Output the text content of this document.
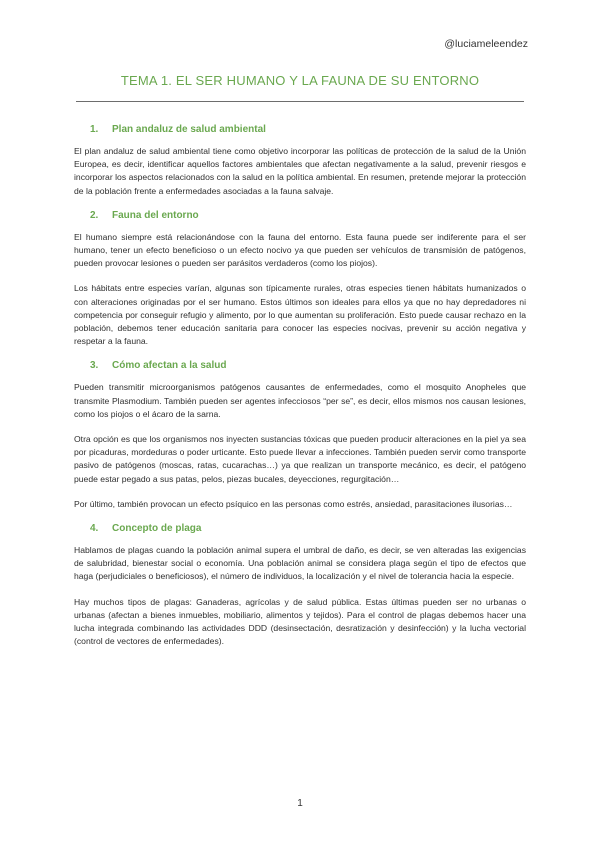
@luciameleendez
TEMA 1. EL SER HUMANO Y LA FAUNA DE SU ENTORNO
1. Plan andaluz de salud ambiental

El plan andaluz de salud ambiental tiene como objetivo incorporar las políticas de protección de la salud de la Unión Europea, es decir, identificar aquellos factores ambientales que afectan negativamente a la salud, prevenir riesgos e incorporar los aspectos relacionados con la salud en la política ambiental. En resumen, pretende mejorar la protección de la población frente a enfermedades asociadas a la fauna salvaje.

2. Fauna del entorno

El humano siempre está relacionándose con la fauna del entorno. Esta fauna puede ser indiferente para el ser humano, tener un efecto beneficioso o un efecto nocivo ya que pueden ser vehículos de transmisión de patógenos, pueden provocar lesiones o pueden ser parásitos verdaderos (como los piojos).

Los hábitats entre especies varían, algunas son típicamente rurales, otras especies tienen hábitats humanizados o con alteraciones originadas por el ser humano. Estos últimos son ideales para ellos ya que no hay depredadores ni competencia por conseguir refugio y alimento, por lo que aumentan su proliferación. Esto puede causar rechazo en la población, debemos tener educación sanitaria para conocer las especies nocivas, prevenir su acción negativa y respetar a la fauna.

3. Cómo afectan a la salud

Pueden transmitir microorganismos patógenos causantes de enfermedades, como el mosquito Anopheles que transmite Plasmodium. También pueden ser agentes infecciosos “per se”, es decir, ellos mismos nos causan lesiones, como los piojos o el ácaro de la sarna.

Otra opción es que los organismos nos inyecten sustancias tóxicas que pueden producir alteraciones en la piel ya sea por picaduras, mordeduras o poder urticante. Esto puede llevar a infecciones. También pueden servir como transporte pasivo de patógenos (moscas, ratas, cucarachas…) ya que realizan un transporte mecánico, es decir, el patógeno puede estar pegado a sus patas, pelos, piezas bucales, deyecciones, regurgitación…

Por último, también provocan un efecto psíquico en las personas como estrés, ansiedad, parasitaciones ilusorias…

4. Concepto de plaga

Hablamos de plagas cuando la población animal supera el umbral de daño, es decir, se ven alteradas las exigencias de salubridad, bienestar social o economía. Una población animal se considera plaga según el tipo de efectos que haga (perjudiciales o beneficiosos), el número de individuos, la localización y el nivel de tolerancia hacia la especie.

Hay muchos tipos de plagas: Ganaderas, agrícolas y de salud pública. Estas últimas pueden ser no urbanas o urbanas (afectan a bienes inmuebles, mobiliario, alimentos y tejidos). Para el control de plagas debemos hacer una lucha integrada combinando las actividades DDD (desinsectación, desratización y desinfección) y la lucha vectorial (control de vectores de enfermedades).

1
